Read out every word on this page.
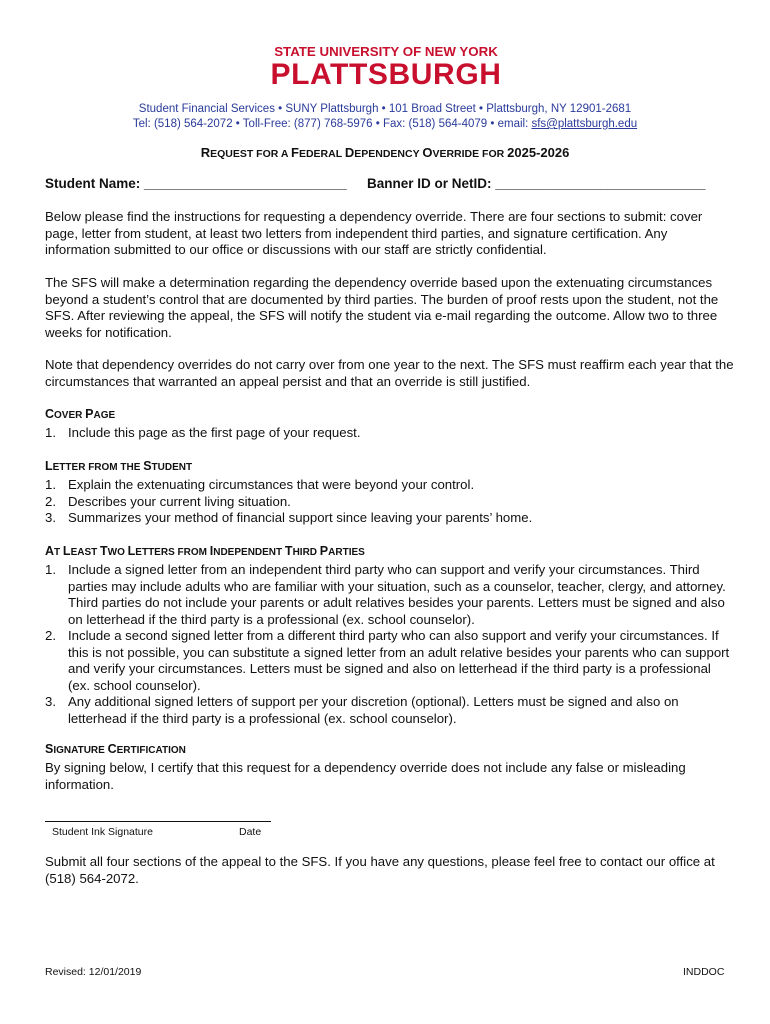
STATE UNIVERSITY OF NEW YORK
PLATTSBURGH
Student Financial Services • SUNY Plattsburgh • 101 Broad Street • Plattsburgh, NY 12901-2681
Tel: (518) 564-2072 • Toll-Free: (877) 768-5976 • Fax: (518) 564-4079 • email: sfs@plattsburgh.edu
REQUEST FOR A FEDERAL DEPENDENCY OVERRIDE FOR 2025-2026
Student Name: ___________________________ Banner ID or NetID: ____________________________

Below please find the instructions for requesting a dependency override. There are four sections to submit: cover page, letter from student, at least two letters from independent third parties, and signature certification. Any information submitted to our office or discussions with our staff are strictly confidential.

The SFS will make a determination regarding the dependency override based upon the extenuating circumstances beyond a student’s control that are documented by third parties. The burden of proof rests upon the student, not the SFS. After reviewing the appeal, the SFS will notify the student via e-mail regarding the outcome. Allow two to three weeks for notification.

Note that dependency overrides do not carry over from one year to the next. The SFS must reaffirm each year that the circumstances that warranted an appeal persist and that an override is still justified.

COVER PAGE
1. Include this page as the first page of your request.
LETTER FROM THE STUDENT
1. Explain the extenuating circumstances that were beyond your control.
2. Describes your current living situation.
3. Summarizes your method of financial support since leaving your parents’ home.
AT LEAST TWO LETTERS FROM INDEPENDENT THIRD PARTIES
1. Include a signed letter from an independent third party who can support and verify your circumstances. Third parties may include adults who are familiar with your situation, such as a counselor, teacher, clergy, and attorney. Third parties do not include your parents or adult relatives besides your parents. Letters must be signed and also on letterhead if the third party is a professional (ex. school counselor).
2. Include a second signed letter from a different third party who can also support and verify your circumstances. If this is not possible, you can substitute a signed letter from an adult relative besides your parents who can support and verify your circumstances. Letters must be signed and also on letterhead if the third party is a professional (ex. school counselor).
3. Any additional signed letters of support per your discretion (optional). Letters must be signed and also on letterhead if the third party is a professional (ex. school counselor).
SIGNATURE CERTIFICATION

By signing below, I certify that this request for a dependency override does not include any false or misleading information.

Student Ink Signature	Date

Submit all four sections of the appeal to the SFS. If you have any questions, please feel free to contact our office at (518) 564-2072.

Revised: 12/01/2019	INDDOC
